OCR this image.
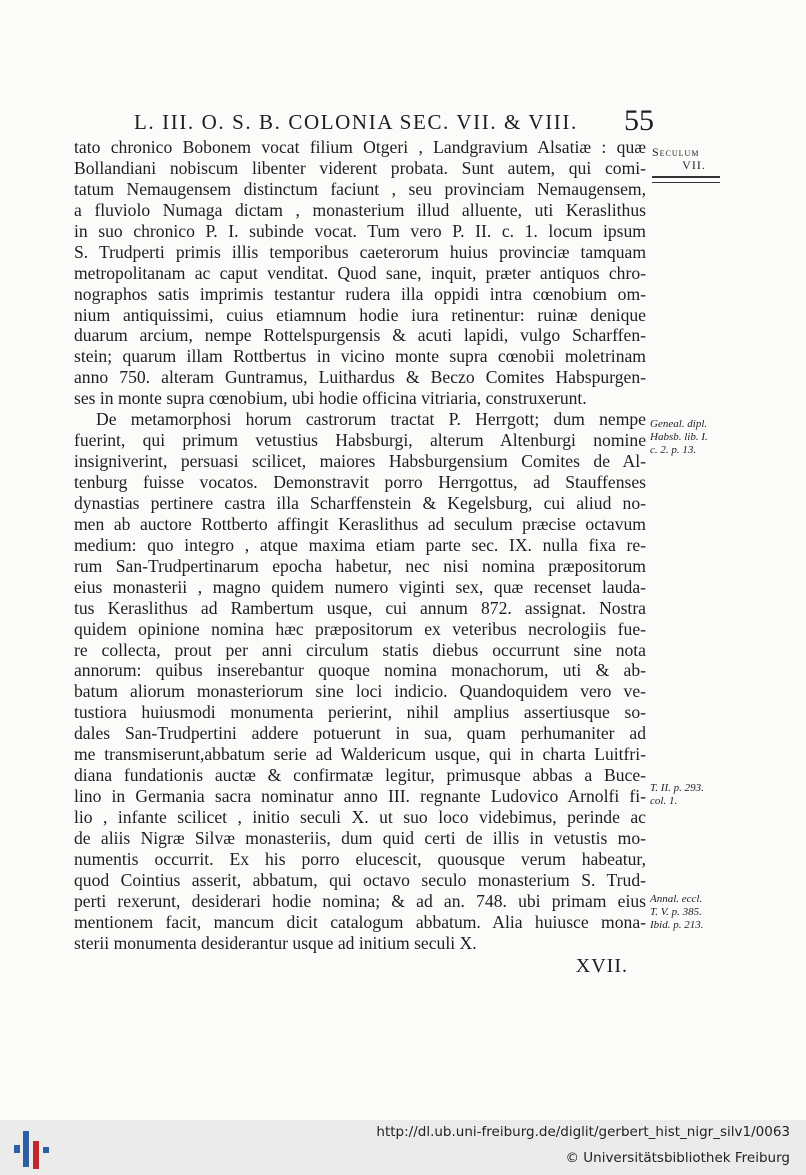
L. III. O. S. B. COLONIA SEC. VII. & VIII. 55
tato chronico Bobonem vocat filium Otgeri , Landgravium Alsatiæ : quæ
Bollandiani nobiscum libenter viderent probata. Sunt autem, qui comi-
tatum Nemaugensem distinctum faciunt , seu provinciam Nemaugensem,
a fluviolo Numaga dictam , monasterium illud alluente, uti Keraslithus
in suo chronico P. I. subinde vocat. Tum vero P. II. c. 1. locum ipsum
S. Trudperti primis illis temporibus caeterorum huius provinciæ tamquam
metropolitanam ac caput venditat. Quod sane, inquit, præter antiquos chro-
nographos satis imprimis testantur rudera illa oppidi intra cœnobium om-
nium antiquissimi, cuius etiamnum hodie iura retinentur: ruinæ denique
duarum arcium, nempe Rottelspurgensis & acuti lapidi, vulgo Scharffen-
stein; quarum illam Rottbertus in vicino monte supra cœnobii moletrinam
anno 750. alteram Guntramus, Luithardus & Beczo Comites Habspurgen-
ses in monte supra cœnobium, ubi hodie officina vitriaria, construxerunt.
De metamorphosi horum castrorum tractat P. Herrgott; dum nempe
fuerint, qui primum vetustius Habsburgi, alterum Altenburgi nomine
insigniverint, persuasi scilicet, maiores Habsburgensium Comites de Al-
tenburg fuisse vocatos. Demonstravit porro Herrgottus, ad Stauffenses
dynastias pertinere castra illa Scharffenstein & Kegelsburg, cui aliud no-
men ab auctore Rottberto affingit Keraslithus ad seculum præcise octavum
medium: quo integro , atque maxima etiam parte sec. IX. nulla fixa re-
rum San-Trudpertinarum epocha habetur, nec nisi nomina præpositorum
eius monasterii , magno quidem numero viginti sex, quæ recenset lauda-
tus Keraslithus ad Rambertum usque, cui annum 872. assignat. Nostra
quidem opinione nomina hæc præpositorum ex veteribus necrologiis fue-
re collecta, prout per anni circulum statis diebus occurrunt sine nota
annorum: quibus inserebantur quoque nomina monachorum, uti & ab-
batum aliorum monasteriorum sine loci indicio. Quandoquidem vero ve-
tustiora huiusmodi monumenta perierint, nihil amplius assertiusque so-
dales San-Trudpertini addere potuerunt in sua, quam perhumaniter ad
me transmiserunt,abbatum serie ad Waldericum usque, qui in charta Luitfri-
diana fundationis auctæ & confirmatæ legitur, primusque abbas a Buce-
lino in Germania sacra nominatur anno III. regnante Ludovico Arnolfi fi-
lio , infante scilicet , initio seculi X. ut suo loco videbimus, perinde ac
de aliis Nigræ Silvæ monasteriis, dum quid certi de illis in vetustis mo-
numentis occurrit. Ex his porro elucescit, quousque verum habeatur,
quod Cointius asserit, abbatum, qui octavo seculo monasterium S. Trud-
perti rexerunt, desiderari hodie nomina; & ad an. 748. ubi primam eius
mentionem facit, mancum dicit catalogum abbatum. Alia huiusce mona-
sterii monumenta desiderantur usque ad initium seculi X.
XVII.
Seculum
VII.
Geneal. dipl.
Habsb. lib. I.
c. 2. p. 13.
T. II. p. 293.
col. 1.
Annal. eccl.
T. V. p. 385.
Ibid. p. 213.
http://dl.ub.uni-freiburg.de/diglit/gerbert_hist_nigr_silv1/0063
© Universitätsbibliothek Freiburg
